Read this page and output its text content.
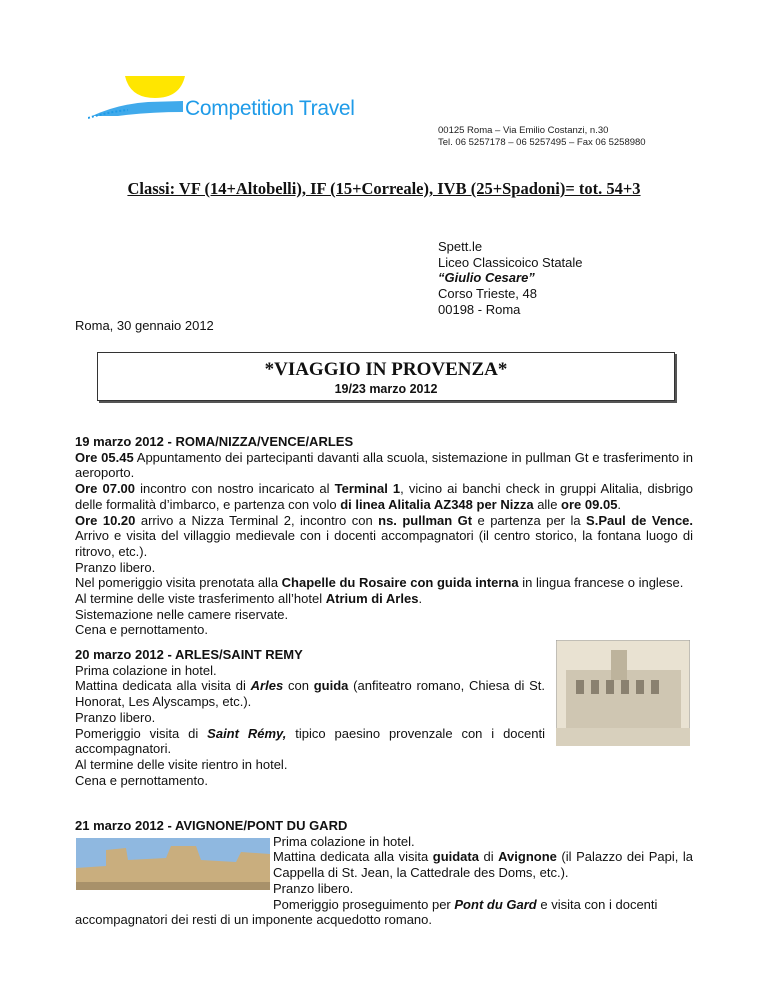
Competition Travel
00125 Roma – Via Emilio Costanzi, n.30
Tel. 06 5257178 – 06 5257495 – Fax 06 5258980
Classi: VF (14+Altobelli), IF (15+Correale), IVB (25+Spadoni)= tot. 54+3
Spett.le
Liceo Classicoico Statale
“Giulio Cesare”
Corso Trieste, 48
00198 - Roma
Roma, 30 gennaio 2012
*VIAGGIO IN PROVENZA*
19/23 marzo 2012

19 marzo 2012 - ROMA/NIZZA/VENCE/ARLES

Ore 05.45 Appuntamento dei partecipanti davanti alla scuola, sistemazione in pullman Gt e trasferimento in aeroporto.

Ore 07.00 incontro con nostro incaricato al Terminal 1, vicino ai banchi check in gruppi Alitalia, disbrigo delle formalità d’imbarco, e partenza con volo di linea Alitalia AZ348 per Nizza alle ore 09.05.

Ore 10.20 arrivo a Nizza Terminal 2, incontro con ns. pullman Gt e partenza per la S.Paul de Vence. Arrivo e visita del villaggio medievale con i docenti accompagnatori (il centro storico, la fontana luogo di ritrovo, etc.).

Pranzo libero.

Nel pomeriggio visita prenotata alla Chapelle du Rosaire con guida interna in lingua francese o inglese.

Al termine delle viste trasferimento all’hotel Atrium di Arles.

Sistemazione nelle camere riservate.

Cena e pernottamento.

20 marzo 2012 - ARLES/SAINT REMY

Prima colazione in hotel.

Mattina dedicata alla visita di Arles con guida (anfiteatro romano, Chiesa di St. Honorat, Les Alyscamps, etc.).

Pranzo libero.

Pomeriggio visita di Saint Rémy, tipico paesino provenzale con i docenti accompagnatori.

Al termine delle visite rientro in hotel.

Cena e pernottamento.

21 marzo 2012 - AVIGNONE/PONT DU GARD

Prima colazione in hotel.

Mattina dedicata alla visita guidata di Avignone (il Palazzo dei Papi, la Cappella di St. Jean, la Cattedrale des Doms, etc.).

Pranzo libero.

Pomeriggio proseguimento per Pont du Gard e visita con i docenti

accompagnatori dei resti di un imponente acquedotto romano.
